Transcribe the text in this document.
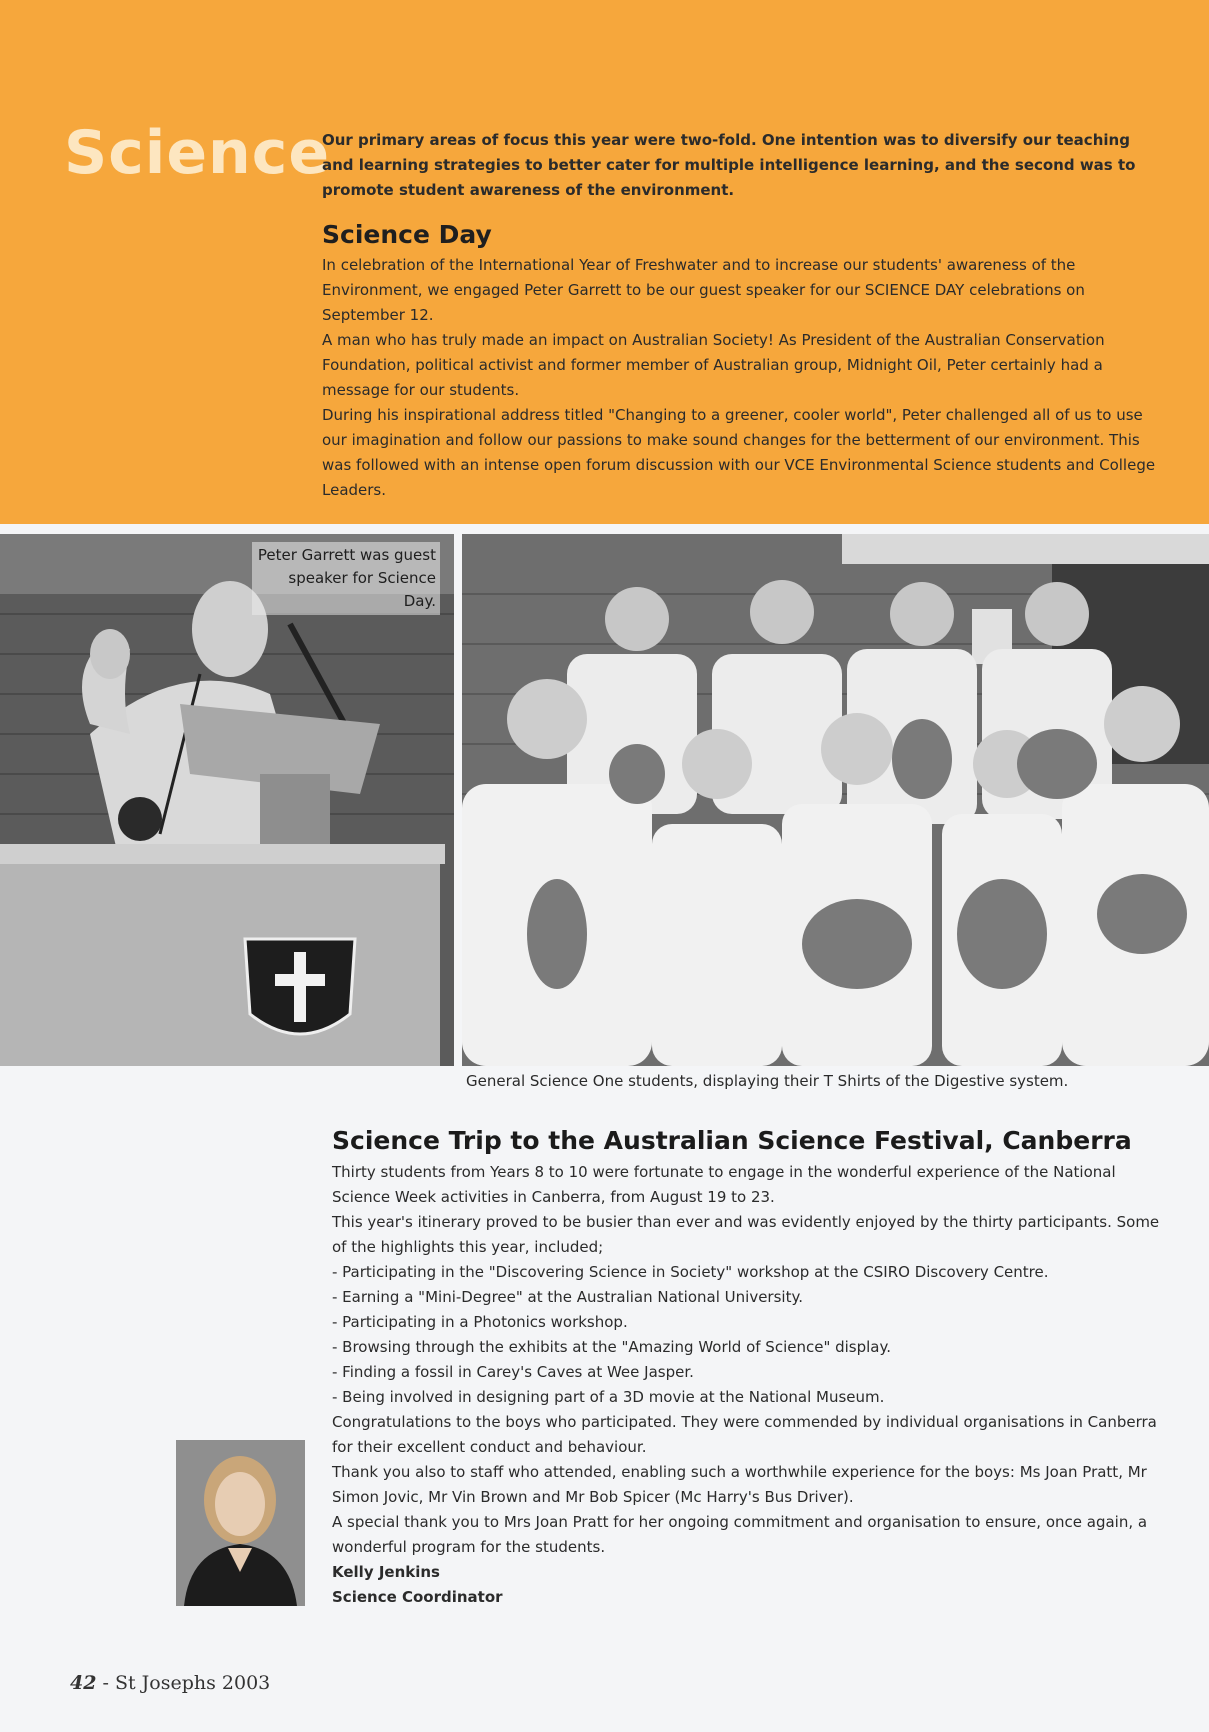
Science

Our primary areas of focus this year were two-fold. One intention was to diversify our teaching and learning strategies to better cater for multiple intelligence learning, and the second was to promote student awareness of the environment.

Science Day

In celebration of the International Year of Freshwater and to increase our students' awareness of the Environment, we engaged Peter Garrett to be our guest speaker for our SCIENCE DAY celebrations on September 12.

A man who has truly made an impact on Australian Society! As President of the Australian Conservation Foundation, political activist and former member of Australian group, Midnight Oil, Peter certainly had a message for our students.

During his inspirational address titled "Changing to a greener, cooler world", Peter challenged all of us to use our imagination and follow our passions to make sound changes for the betterment of our environment. This was followed with an intense open forum discussion with our VCE Environmental Science students and College Leaders.

Peter Garrett was guest speaker for Science Day.
General Science One students, displaying their T Shirts of the Digestive system.
Science Trip to the Australian Science Festival, Canberra

Thirty students from Years 8 to 10 were fortunate to engage in the wonderful experience of the National Science Week activities in Canberra, from August 19 to 23.

This year's itinerary proved to be busier than ever and was evidently enjoyed by the thirty participants. Some of the highlights this year, included;

- Participating in the "Discovering Science in Society" workshop at the CSIRO Discovery Centre.

- Earning a "Mini-Degree" at the Australian National University.

- Participating in a Photonics workshop.

- Browsing through the exhibits at the "Amazing World of Science" display.

- Finding a fossil in Carey's Caves at Wee Jasper.

- Being involved in designing part of a 3D movie at the National Museum.

Congratulations to the boys who participated. They were commended by individual organisations in Canberra for their excellent conduct and behaviour.

Thank you also to staff who attended, enabling such a worthwhile experience for the boys: Ms Joan Pratt, Mr Simon Jovic, Mr Vin Brown and Mr Bob Spicer (Mc Harry's Bus Driver).

A special thank you to Mrs Joan Pratt for her ongoing commitment and organisation to ensure, once again, a wonderful program for the students.

Kelly Jenkins

Science Coordinator

42 - St Josephs 2003
